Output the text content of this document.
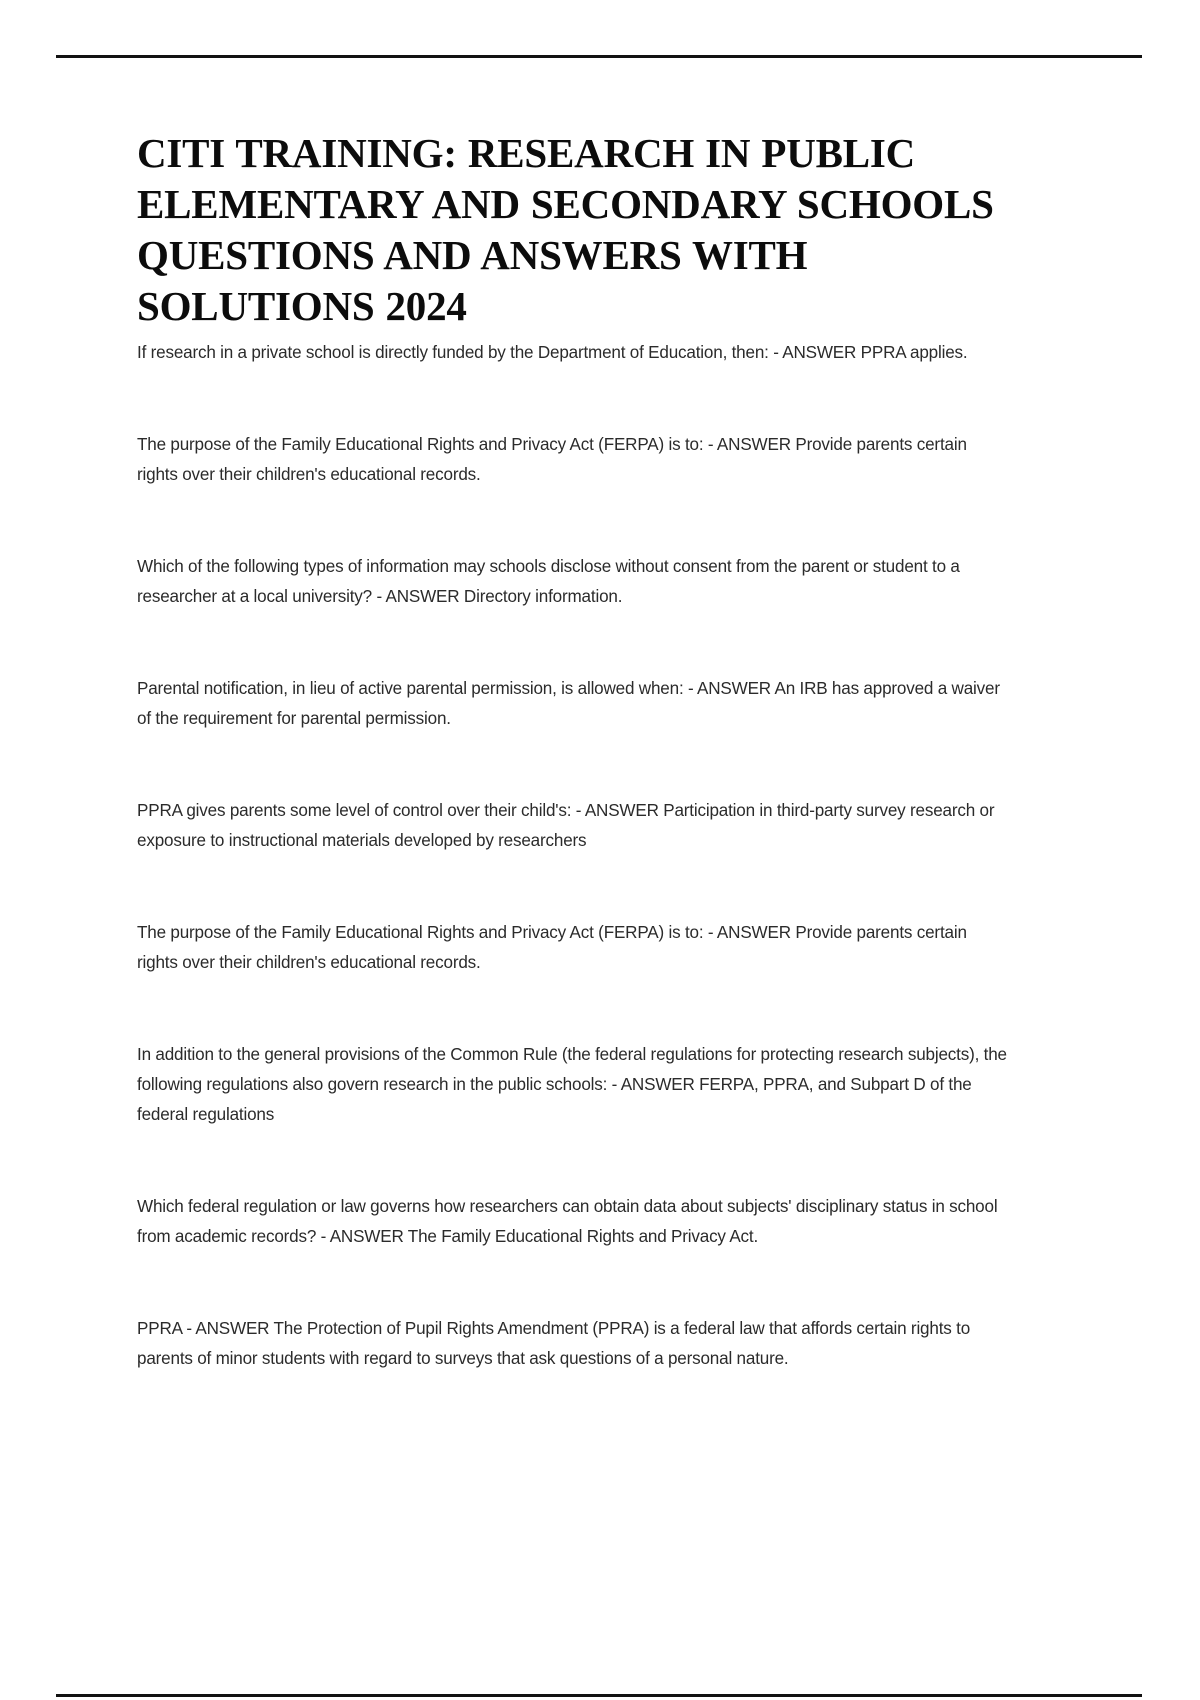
CITI TRAINING: RESEARCH IN PUBLIC ELEMENTARY AND SECONDARY SCHOOLS QUESTIONS AND ANSWERS WITH SOLUTIONS 2024

If research in a private school is directly funded by the Department of Education, then: - ANSWER PPRA applies.

The purpose of the Family Educational Rights and Privacy Act (FERPA) is to: - ANSWER Provide parents certain rights over their children's educational records.

Which of the following types of information may schools disclose without consent from the parent or student to a researcher at a local university? - ANSWER Directory information.

Parental notification, in lieu of active parental permission, is allowed when: - ANSWER An IRB has approved a waiver of the requirement for parental permission.

PPRA gives parents some level of control over their child's: - ANSWER Participation in third-party survey research or exposure to instructional materials developed by researchers

The purpose of the Family Educational Rights and Privacy Act (FERPA) is to: - ANSWER Provide parents certain rights over their children's educational records.

In addition to the general provisions of the Common Rule (the federal regulations for protecting research subjects), the following regulations also govern research in the public schools: - ANSWER FERPA, PPRA, and Subpart D of the federal regulations

Which federal regulation or law governs how researchers can obtain data about subjects' disciplinary status in school from academic records? - ANSWER The Family Educational Rights and Privacy Act.

PPRA - ANSWER The Protection of Pupil Rights Amendment (PPRA) is a federal law that affords certain rights to parents of minor students with regard to surveys that ask questions of a personal nature.
